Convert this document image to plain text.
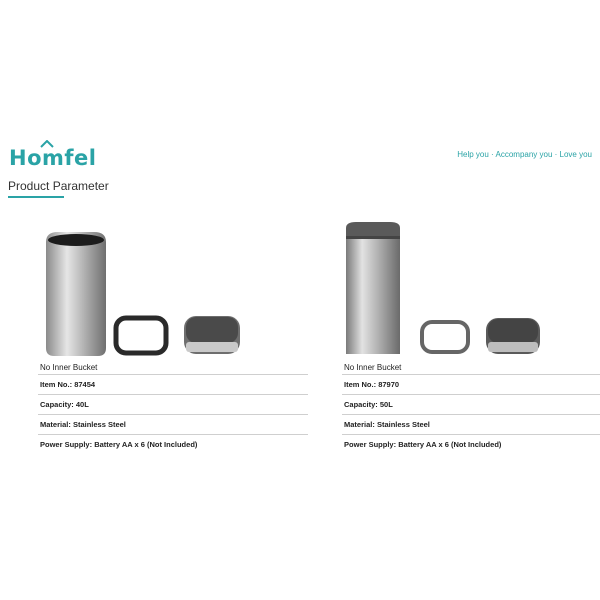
Homfel	Help you · Accompany you · Love you
Product Parameter
No Inner Bucket
Item No.: 87454
Capacity: 40L
Material: Stainless Steel
Power Supply: Battery AA x 6 (Not Included)
No Inner Bucket
Item No.: 87970
Capacity: 50L
Material: Stainless Steel
Power Supply: Battery AA x 6 (Not Included)
